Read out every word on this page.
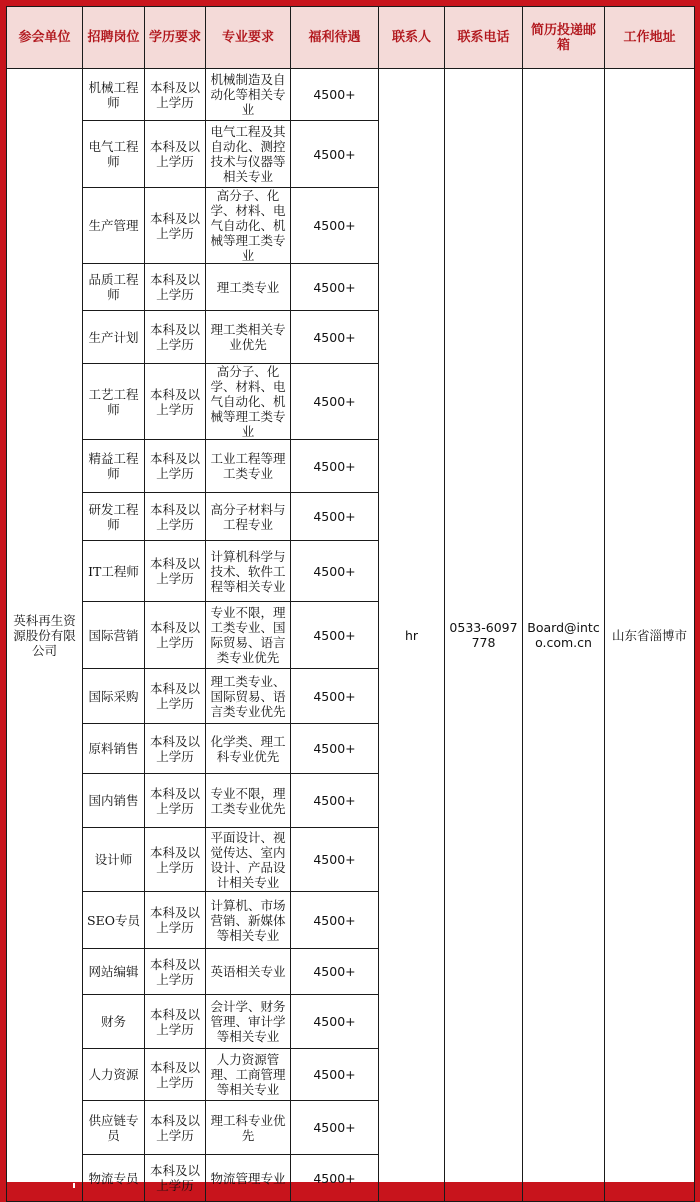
参会单位	招聘岗位	学历要求	专业要求	福利待遇	联系人	联系电话	简历投递邮箱	工作地址
英科再生资源股份有限公司	机械工程师	本科及以上学历	机械制造及自动化等相关专业	4500+	hr	0533-6097778	Board@intco.com.cn	山东省淄博市
	电气工程师	本科及以上学历	电气工程及其自动化、测控技术与仪器等相关专业	4500+				
	生产管理	本科及以上学历	高分子、化学、材料、电气自动化、机械等理工类专业	4500+				
	品质工程师	本科及以上学历	理工类专业	4500+				
	生产计划	本科及以上学历	理工类相关专业优先	4500+				
	工艺工程师	本科及以上学历	高分子、化学、材料、电气自动化、机械等理工类专业	4500+				
	精益工程师	本科及以上学历	工业工程等理工类专业	4500+				
	研发工程师	本科及以上学历	高分子材料与工程专业	4500+				
	IT工程师	本科及以上学历	计算机科学与技术、软件工程等相关专业	4500+				
	国际营销	本科及以上学历	专业不限，理工类专业、国际贸易、语言类专业优先	4500+				
	国际采购	本科及以上学历	理工类专业、国际贸易、语言类专业优先	4500+				
	原料销售	本科及以上学历	化学类、理工科专业优先	4500+				
	国内销售	本科及以上学历	专业不限，理工类专业优先	4500+				
	设计师	本科及以上学历	平面设计、视觉传达、室内设计、产品设计相关专业	4500+				
	SEO专员	本科及以上学历	计算机、市场营销、新媒体等相关专业	4500+				
	网站编辑	本科及以上学历	英语相关专业	4500+				
	财务	本科及以上学历	会计学、财务管理、审计学等相关专业	4500+				
	人力资源	本科及以上学历	人力资源管理、工商管理等相关专业	4500+				
	供应链专员	本科及以上学历	理工科专业优先	4500+				
	物流专员	本科及以上学历	物流管理专业	4500+				
